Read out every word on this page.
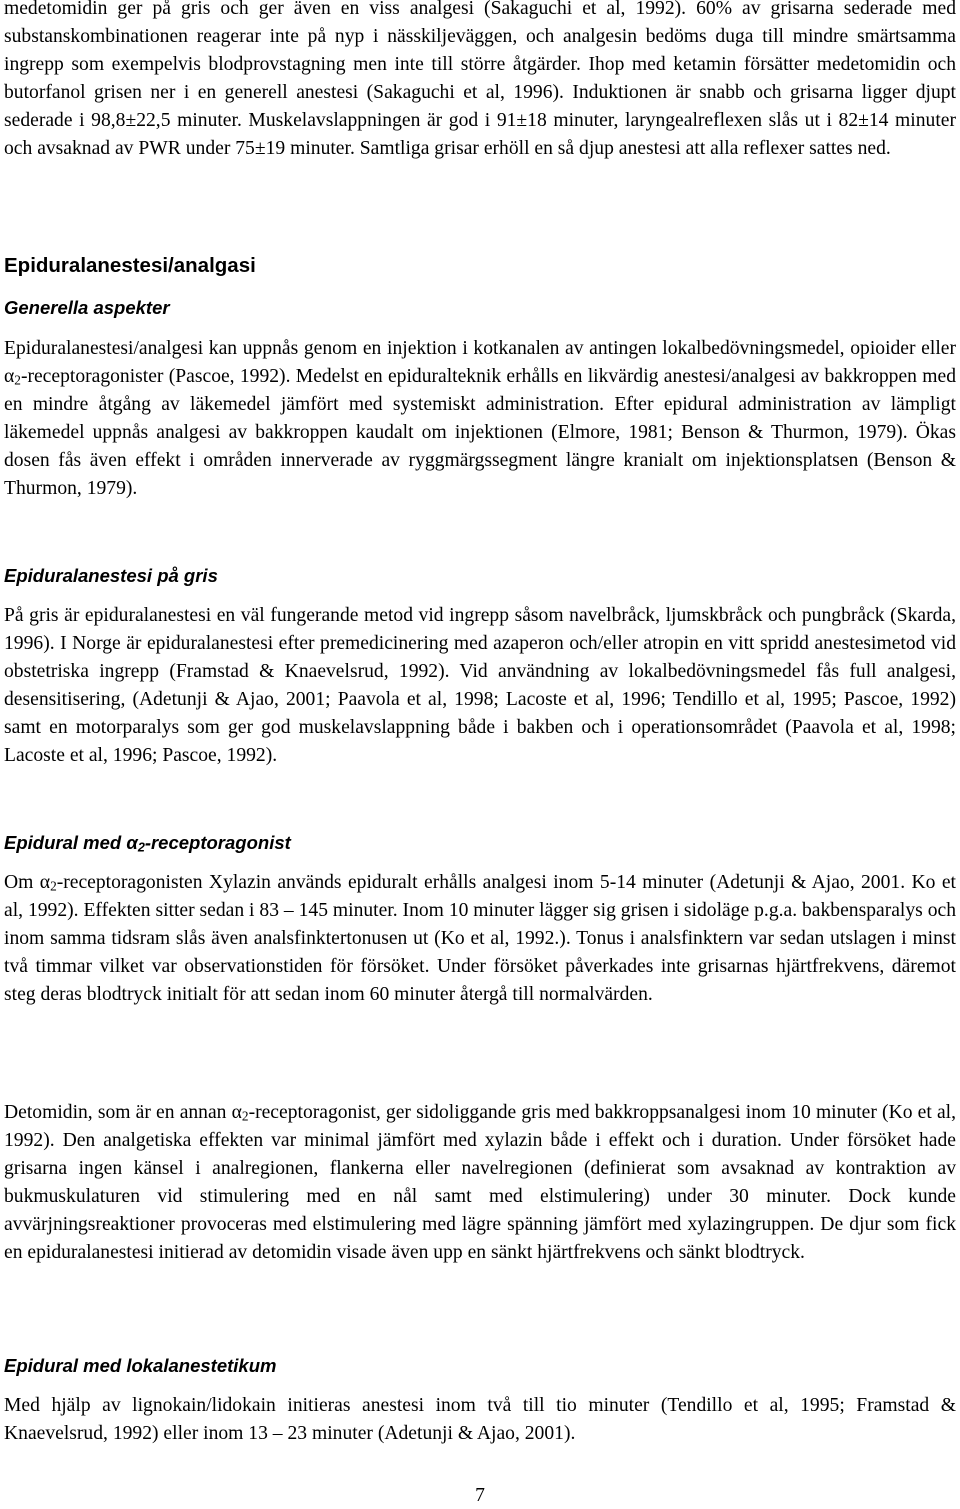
medetomidin ger på gris och ger även en viss analgesi (Sakaguchi et al, 1992). 60% av grisarna sederade med substanskombinationen reagerar inte på nyp i nässkiljeväggen, och analgesin bedöms duga till mindre smärtsamma ingrepp som exempelvis blodprovstagning men inte till större åtgärder. Ihop med ketamin försätter medetomidin och butorfanol grisen ner i en generell anestesi (Sakaguchi et al, 1996). Induktionen är snabb och grisarna ligger djupt sederade i 98,8±22,5 minuter. Muskelavslappningen är god i 91±18 minuter, laryngealreflexen slås ut i 82±14 minuter och avsaknad av PWR under 75±19 minuter. Samtliga grisar erhöll en så djup anestesi att alla reflexer sattes ned.

Epiduralanestesi/analgasi
Generella aspekter

Epiduralanestesi/analgesi kan uppnås genom en injektion i kotkanalen av antingen lokalbedövningsmedel, opioider eller α2-receptoragonister (Pascoe, 1992). Medelst en epiduralteknik erhålls en likvärdig anestesi/analgesi av bakkroppen med en mindre åtgång av läkemedel jämfört med systemiskt administration. Efter epidural administration av lämpligt läkemedel uppnås analgesi av bakkroppen kaudalt om injektionen (Elmore, 1981; Benson & Thurmon, 1979). Ökas dosen fås även effekt i områden innerverade av ryggmärgssegment längre kranialt om injektionsplatsen (Benson & Thurmon, 1979).

Epiduralanestesi på gris

På gris är epiduralanestesi en väl fungerande metod vid ingrepp såsom navelbråck, ljumskbråck och pungbråck (Skarda, 1996). I Norge är epiduralanestesi efter premedicinering med azaperon och/eller atropin en vitt spridd anestesimetod vid obstetriska ingrepp (Framstad & Knaevelsrud, 1992). Vid användning av lokalbedövningsmedel fås full analgesi, desensitisering, (Adetunji & Ajao, 2001; Paavola et al, 1998; Lacoste et al, 1996; Tendillo et al, 1995; Pascoe, 1992) samt en motorparalys som ger god muskelavslappning både i bakben och i operationsområdet (Paavola et al, 1998; Lacoste et al, 1996; Pascoe, 1992).

Epidural med α2-receptoragonist

Om α2-receptoragonisten Xylazin används epiduralt erhålls analgesi inom 5-14 minuter (Adetunji & Ajao, 2001. Ko et al, 1992). Effekten sitter sedan i 83 – 145 minuter. Inom 10 minuter lägger sig grisen i sidoläge p.g.a. bakbensparalys och inom samma tidsram slås även analsfinktertonusen ut (Ko et al, 1992.). Tonus i analsfinktern var sedan utslagen i minst två timmar vilket var observationstiden för försöket. Under försöket påverkades inte grisarnas hjärtfrekvens, däremot steg deras blodtryck initialt för att sedan inom 60 minuter återgå till normalvärden.

Detomidin, som är en annan α2-receptoragonist, ger sidoliggande gris med bakkroppsanalgesi inom 10 minuter (Ko et al, 1992). Den analgetiska effekten var minimal jämfört med xylazin både i effekt och i duration. Under försöket hade grisarna ingen känsel i analregionen, flankerna eller navelregionen (definierat som avsaknad av kontraktion av bukmuskulaturen vid stimulering med en nål samt med elstimulering) under 30 minuter. Dock kunde avvärjningsreaktioner provoceras med elstimulering med lägre spänning jämfört med xylazingruppen. De djur som fick en epiduralanestesi initierad av detomidin visade även upp en sänkt hjärtfrekvens och sänkt blodtryck.

Epidural med lokalanestetikum

Med hjälp av lignokain/lidokain initieras anestesi inom två till tio minuter (Tendillo et al, 1995; Framstad & Knaevelsrud, 1992) eller inom 13 – 23 minuter (Adetunji & Ajao, 2001).

7
